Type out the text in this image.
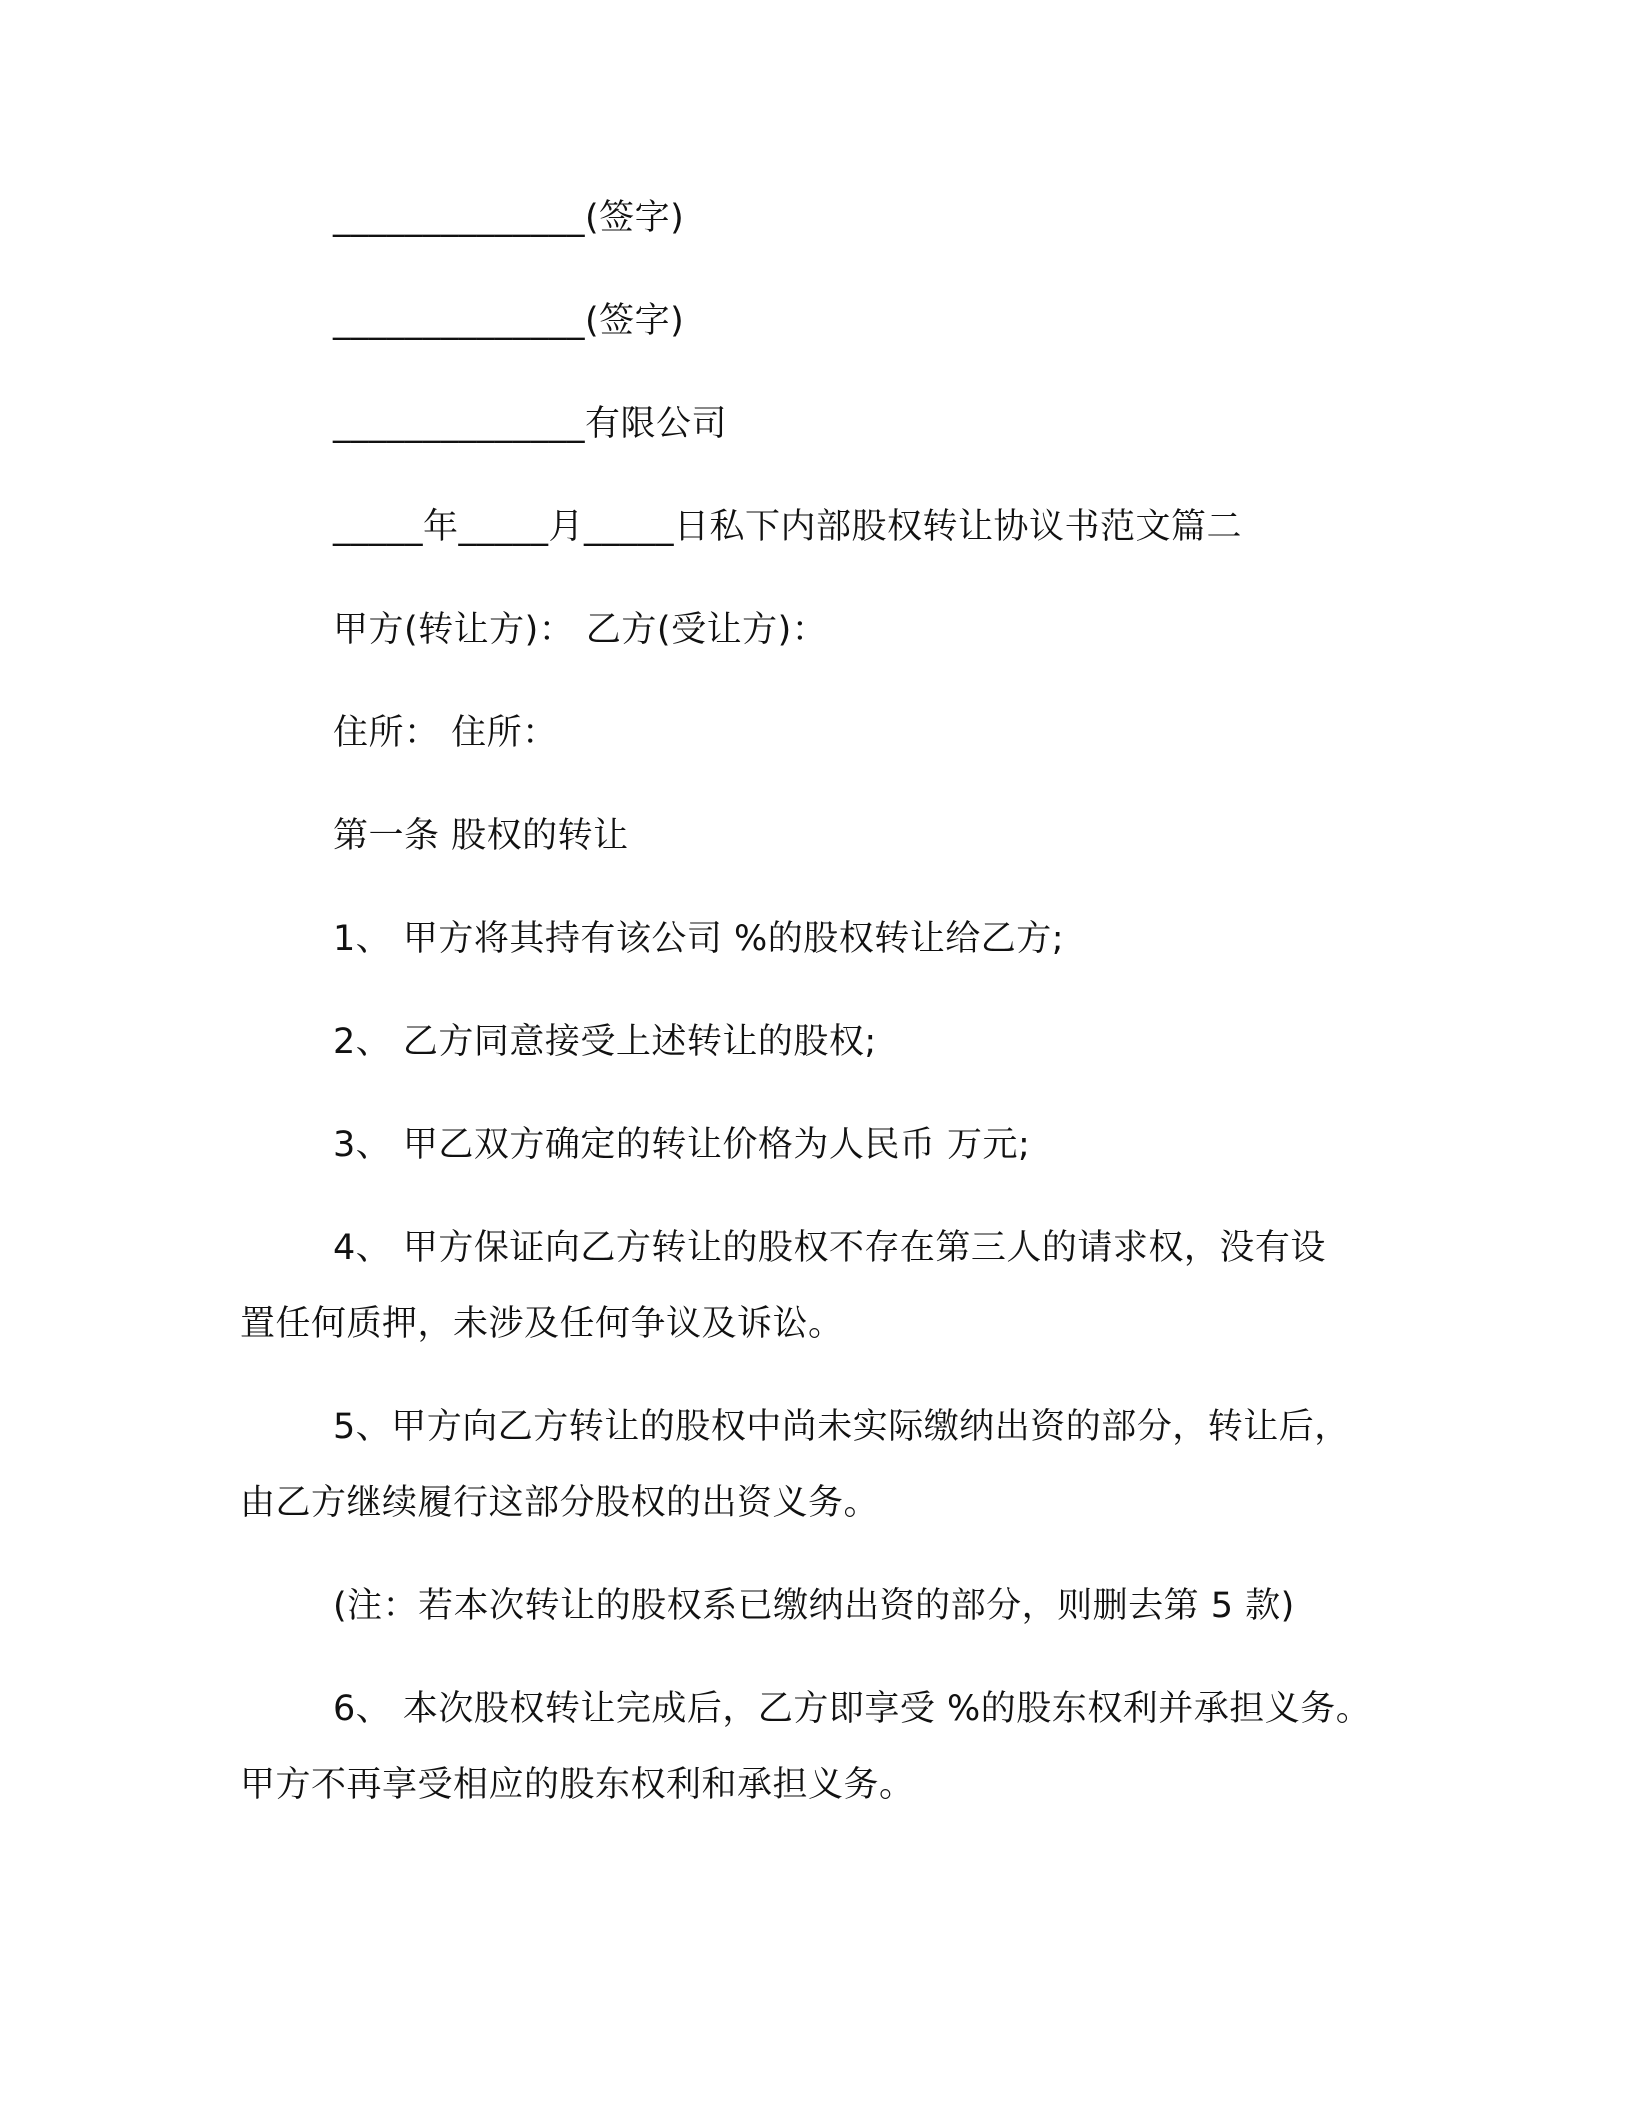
______________(签字)
______________(签字)
______________有限公司
_____年_____月_____日私下内部股权转让协议书范文篇二
甲方(转让方)： 乙方(受让方)：
住所： 住所：
第一条 股权的转让
1、 甲方将其持有该公司 %的股权转让给乙方;
2、 乙方同意接受上述转让的股权;
3、 甲乙双方确定的转让价格为人民币 万元;
4、 甲方保证向乙方转让的股权不存在第三人的请求权，没有设
置任何质押，未涉及任何争议及诉讼。
5、甲方向乙方转让的股权中尚未实际缴纳出资的部分，转让后，
由乙方继续履行这部分股权的出资义务。
(注：若本次转让的股权系已缴纳出资的部分，则删去第 5 款)
6、 本次股权转让完成后，乙方即享受 %的股东权利并承担义务。
甲方不再享受相应的股东权利和承担义务。
